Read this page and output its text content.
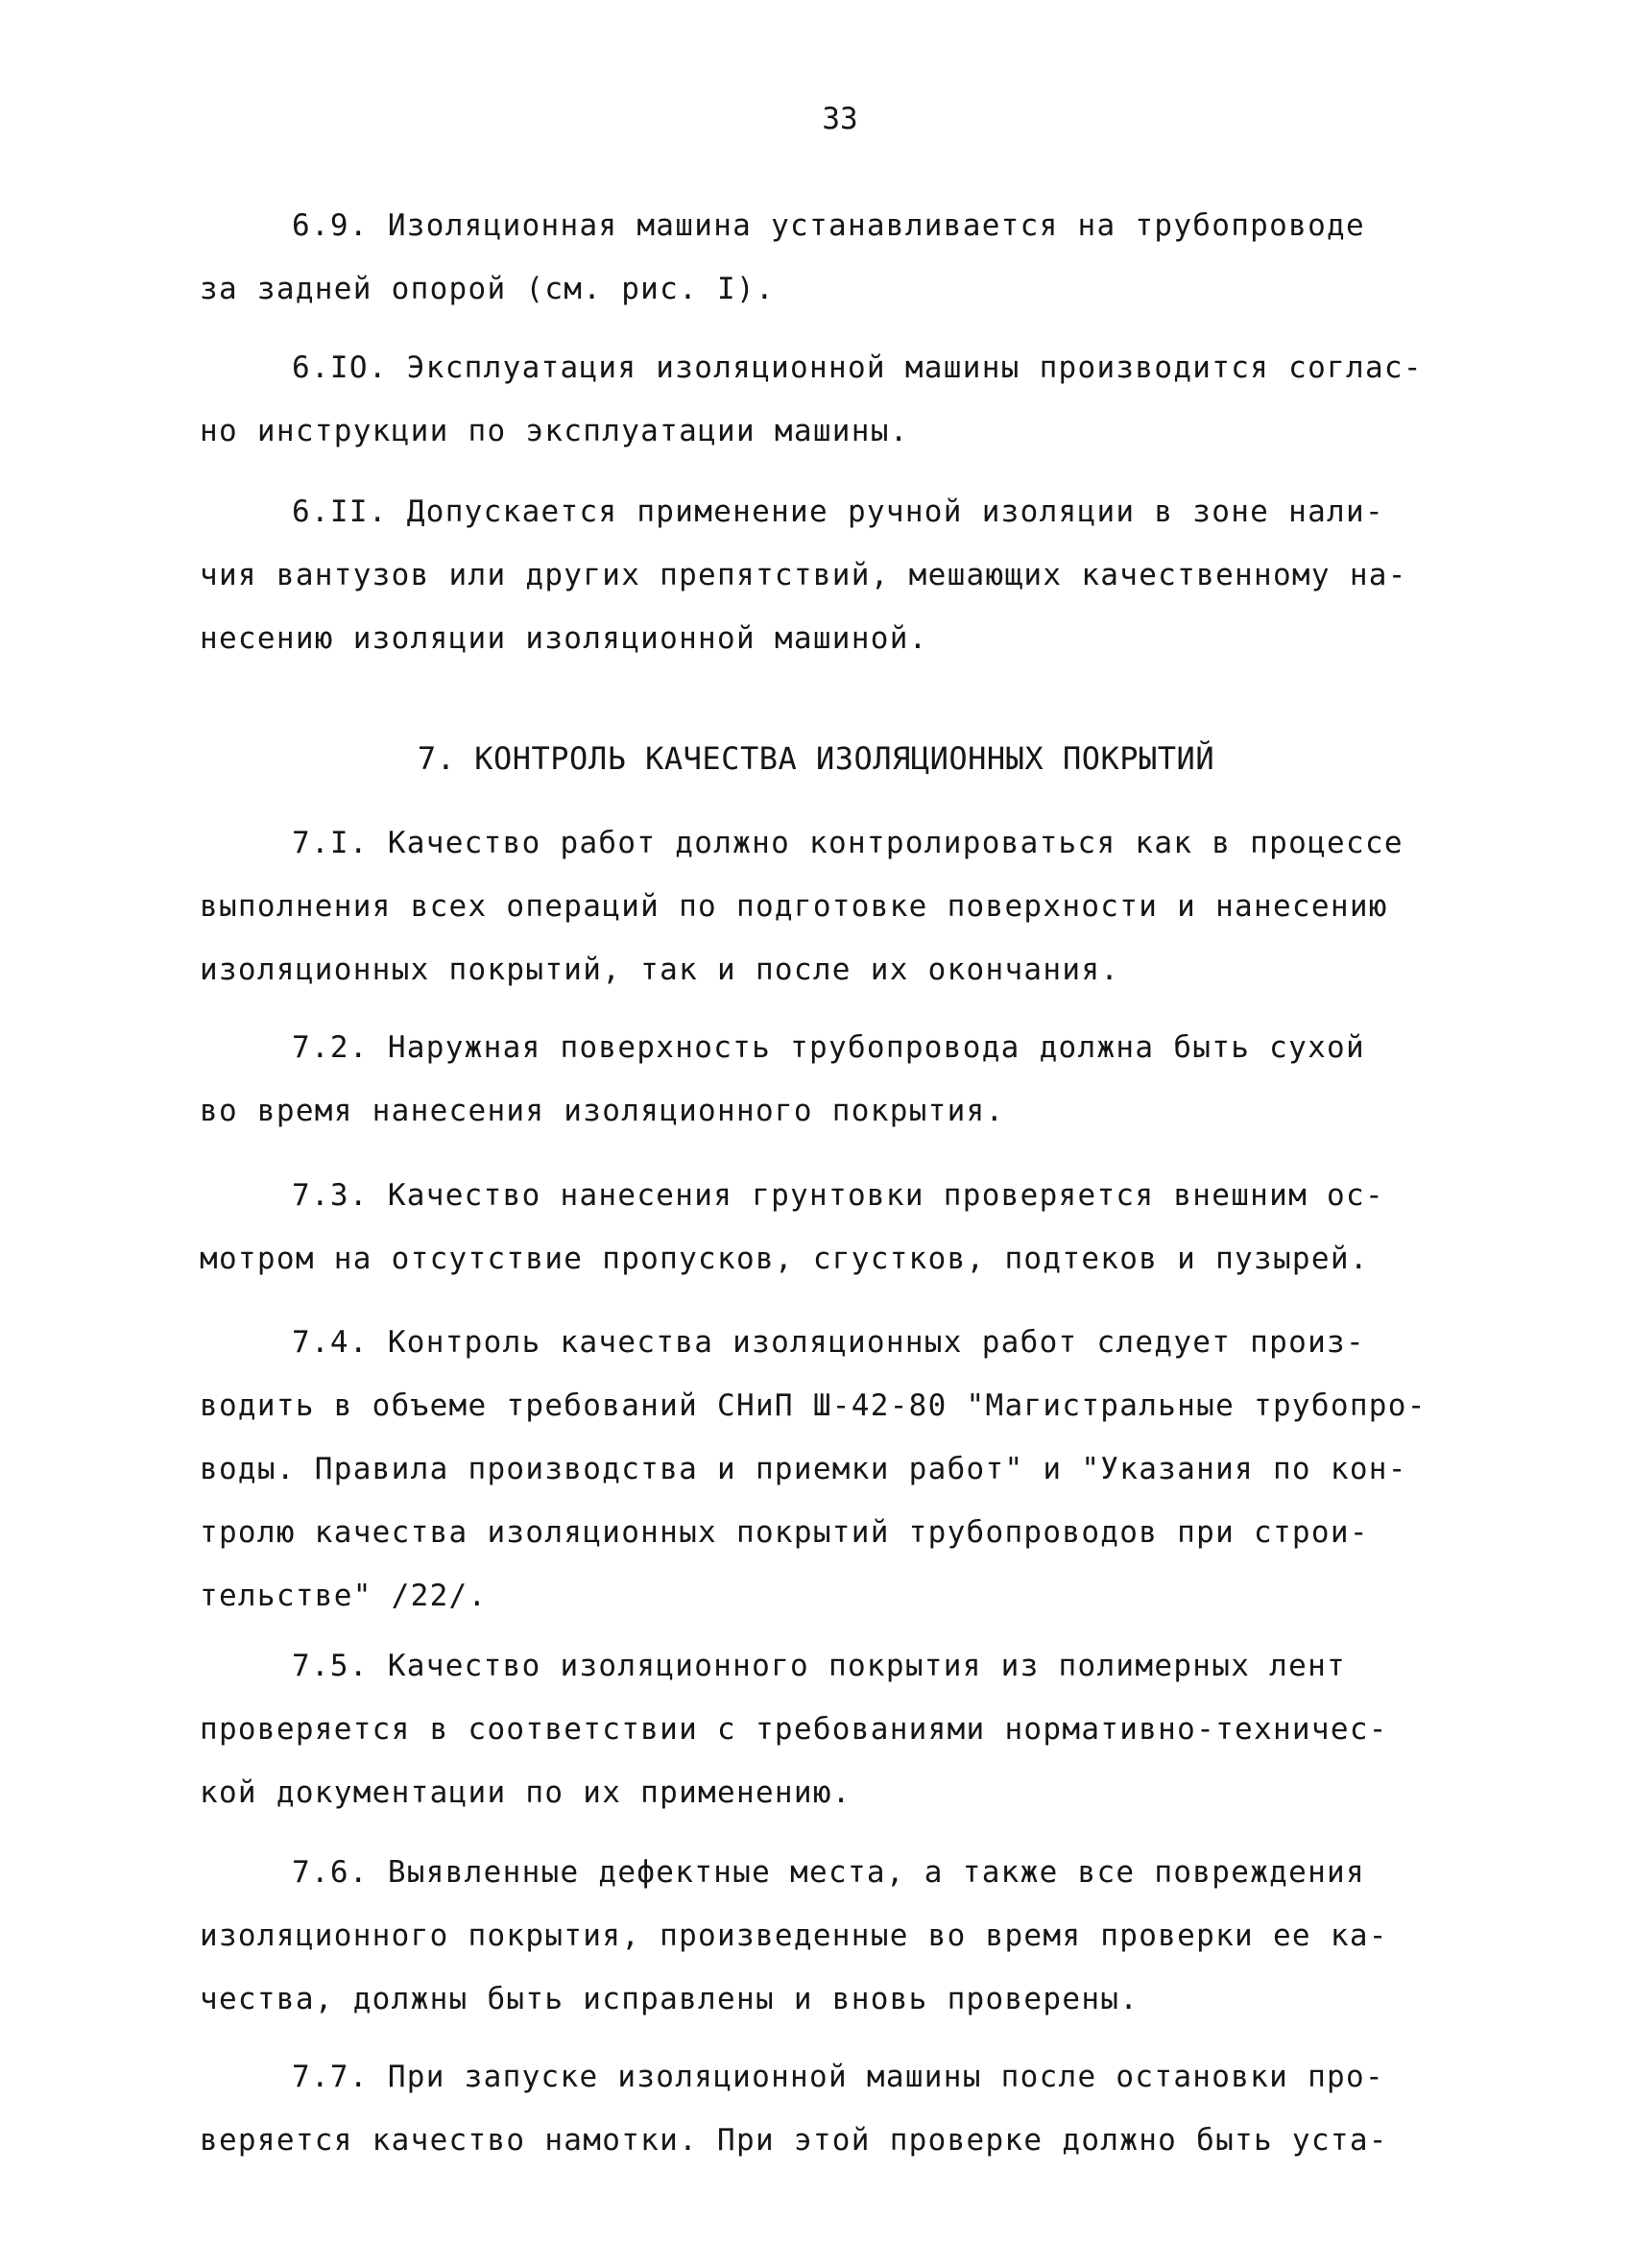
33
6.9. Изоляционная машина устанавливается на трубопроводе
за задней опорой (см. рис. I).
6.IO. Эксплуатация изоляционной машины производится соглас-
но инструкции по эксплуатации машины.
6.II. Допускается применение ручной изоляции в зоне нали-
чия вантузов или других препятствий, мешающих качественному на-
несению изоляции изоляционной машиной.
7. КОНТРОЛЬ КАЧЕСТВА ИЗОЛЯЦИОННЫХ ПОКРЫТИЙ
7.I. Качество работ должно контролироваться как в процессе
выполнения всех операций по подготовке поверхности и нанесению
изоляционных покрытий, так и после их окончания.
7.2. Наружная поверхность трубопровода должна быть сухой
во время нанесения изоляционного покрытия.
7.3. Качество нанесения грунтовки проверяется внешним ос-
мотром на отсутствие пропусков, сгустков, подтеков и пузырей.
7.4. Контроль качества изоляционных работ следует произ-
водить в объеме требований СНиП Ш-42-80 "Магистральные трубопро-
воды. Правила производства и приемки работ" и "Указания по кон-
тролю качества изоляционных покрытий трубопроводов при строи-
тельстве" /22/.
7.5. Качество изоляционного покрытия из полимерных лент
проверяется в соответствии с требованиями нормативно-техничес-
кой документации по их применению.
7.6. Выявленные дефектные места, а также все повреждения
изоляционного покрытия, произведенные во время проверки ее ка-
чества, должны быть исправлены и вновь проверены.
7.7. При запуске изоляционной машины после остановки про-
веряется качество намотки. При этой проверке должно быть уста-
